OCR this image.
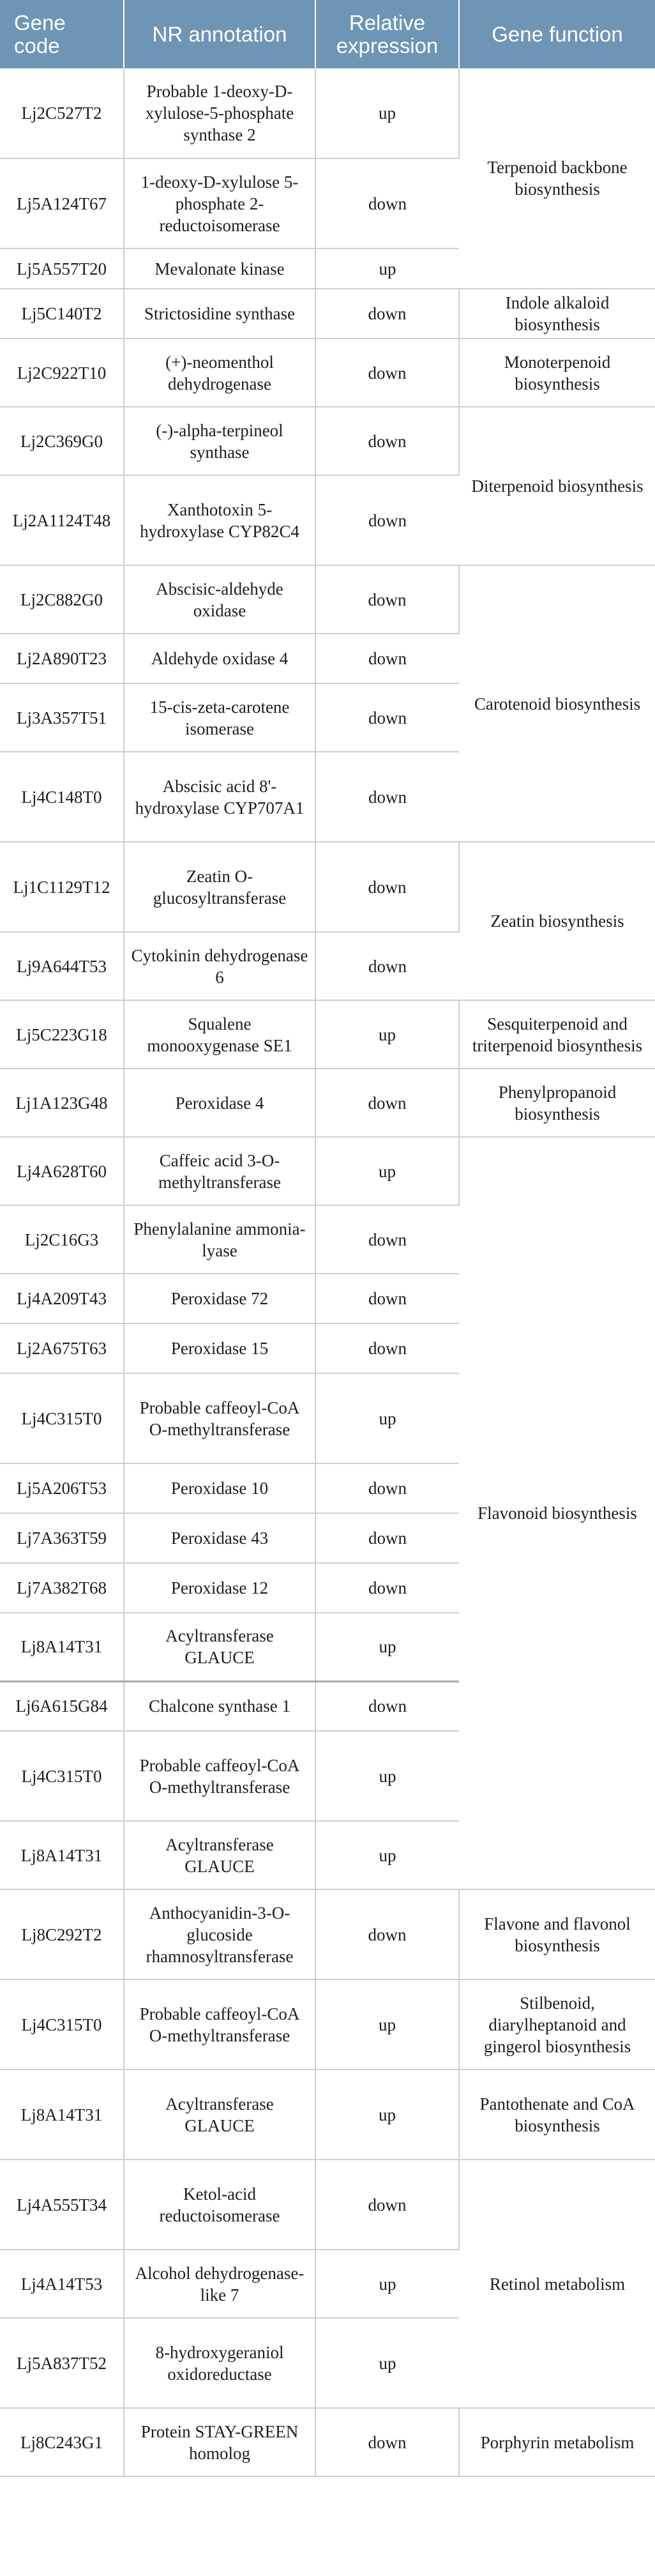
Gene code	NR annotation	Relative expression	Gene function
Lj2C527T2	Probable 1-deoxy-D-xylulose-5-phosphate synthase 2	up	Terpenoid backbone biosynthesis
Lj5A124T67	1-deoxy-D-xylulose 5-phosphate 2-reductoisomerase	down	
Lj5A557T20	Mevalonate kinase	up	
Lj5C140T2	Strictosidine synthase	down	Indole alkaloid biosynthesis
Lj2C922T10	(+)-neomenthol dehydrogenase	down	Monoterpenoid biosynthesis
Lj2C369G0	(-)-alpha-terpineol synthase	down	Diterpenoid biosynthesis
Lj2A1124T48	Xanthotoxin 5-hydroxylase CYP82C4	down	
Lj2C882G0	Abscisic-aldehyde oxidase	down	Carotenoid biosynthesis
Lj2A890T23	Aldehyde oxidase 4	down	
Lj3A357T51	15-cis-zeta-carotene isomerase	down	
Lj4C148T0	Abscisic acid 8'-hydroxylase CYP707A1	down	
Lj1C1129T12	Zeatin O-glucosyltransferase	down	Zeatin biosynthesis
Lj9A644T53	Cytokinin dehydrogenase 6	down	
Lj5C223G18	Squalene monooxygenase SE1	up	Sesquiterpenoid and triterpenoid biosynthesis
Lj1A123G48	Peroxidase 4	down	Phenylpropanoid biosynthesis
Lj4A628T60	Caffeic acid 3-O-methyltransferase	up	Flavonoid biosynthesis
Lj2C16G3	Phenylalanine ammonia-lyase	down	
Lj4A209T43	Peroxidase 72	down	
Lj2A675T63	Peroxidase 15	down	
Lj4C315T0	Probable caffeoyl-CoA O-methyltransferase	up	
Lj5A206T53	Peroxidase 10	down	
Lj7A363T59	Peroxidase 43	down	
Lj7A382T68	Peroxidase 12	down	
Lj8A14T31	Acyltransferase GLAUCE	up	
Lj6A615G84	Chalcone synthase 1	down	
Lj4C315T0	Probable caffeoyl-CoA O-methyltransferase	up	
Lj8A14T31	Acyltransferase GLAUCE	up	
Lj8C292T2	Anthocyanidin-3-O-glucoside rhamnosyltransferase	down	Flavone and flavonol biosynthesis
Lj4C315T0	Probable caffeoyl-CoA O-methyltransferase	up	Stilbenoid, diarylheptanoid and gingerol biosynthesis
Lj8A14T31	Acyltransferase GLAUCE	up	Pantothenate and CoA biosynthesis
Lj4A555T34	Ketol-acid reductoisomerase	down	Retinol metabolism
Lj4A14T53	Alcohol dehydrogenase-like 7	up	
Lj5A837T52	8-hydroxygeraniol oxidoreductase	up	
Lj8C243G1	Protein STAY-GREEN homolog	down	Porphyrin metabolism
